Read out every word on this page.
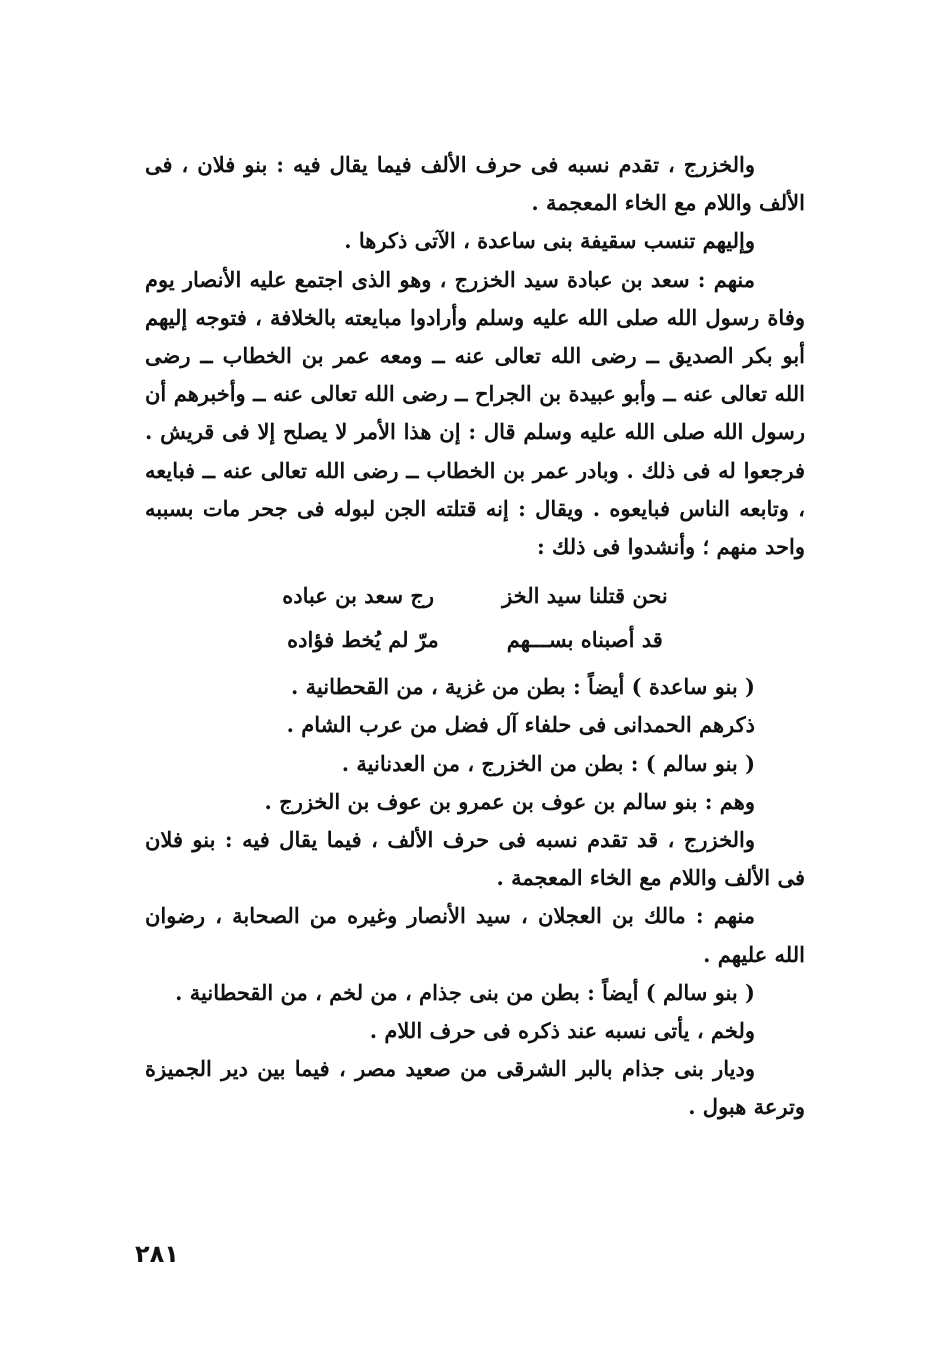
والخزرج ، تقدم نسبه فى حرف الألف فيما يقال فيه : بنو فلان ، فى الألف واللام مع الخاء المعجمة .

وإليهم تنسب سقيفة بنى ساعدة ، الآتى ذكرها .

منهم : سعد بن عبادة سيد الخزرج ، وهو الذى اجتمع عليه الأنصار يوم وفاة رسول الله صلى الله عليه وسلم وأرادوا مبايعته بالخلافة ، فتوجه إليهم أبو بكر الصديق ــ رضى الله تعالى عنه ــ ومعه عمر بن الخطاب ــ رضى الله تعالى عنه ــ وأبو عبيدة بن الجراح ــ رضى الله تعالى عنه ــ وأخبرهم أن رسول الله صلى الله عليه وسلم قال : إن هذا الأمر لا يصلح إلا فى قريش . فرجعوا له فى ذلك . وبادر عمر بن الخطاب ــ رضى الله تعالى عنه ــ فبايعه ، وتابعه الناس فبايعوه . ويقال : إنه قتلته الجن لبوله فى جحر مات بسببه واحد منهم ؛ وأنشدوا فى ذلك :

نحن قتلنا سيد الخز
رج سعد بن عباده
قد أصبناه بســـهم
مرّ لم يُخط فؤاده

( بنو ساعدة ) أيضاً : بطن من غزية ، من القحطانية .

ذكرهم الحمدانى فى حلفاء آل فضل من عرب الشام .

( بنو سالم ) : بطن من الخزرج ، من العدنانية .

وهم : بنو سالم بن عوف بن عمرو بن عوف بن الخزرج .

والخزرج ، قد تقدم نسبه فى حرف الألف ، فيما يقال فيه : بنو فلان فى الألف واللام مع الخاء المعجمة .

منهم : مالك بن العجلان ، سيد الأنصار وغيره من الصحابة ، رضوان الله عليهم .

( بنو سالم ) أيضاً : بطن من بنى جذام ، من لخم ، من القحطانية .

ولخم ، يأتى نسبه عند ذكره فى حرف اللام .

وديار بنى جذام بالبر الشرقى من صعيد مصر ، فيما بين دير الجميزة وترعة هبول .

٢٨١
